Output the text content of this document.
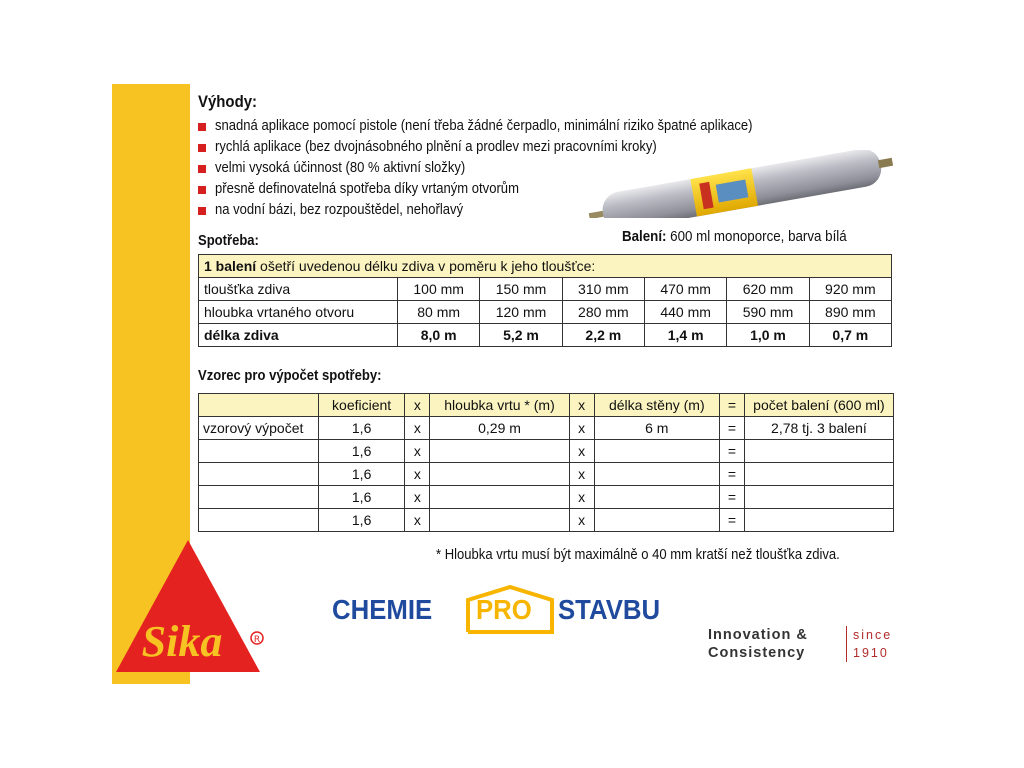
Sika	R
Výhody:
snadná aplikace pomocí pistole (není třeba žádné čerpadlo, minimální riziko špatné aplikace)
rychlá aplikace (bez dvojnásobného plnění a prodlev mezi pracovními kroky)
velmi vysoká účinnost (80 % aktivní složky)
přesně definovatelná spotřeba díky vrtaným otvorům
na vodní bázi, bez rozpouštědel, nehořlavý
Balení: 600 ml monoporce, barva bílá
Spotřeba:
1 balení ošetří uvedenou délku zdiva v poměru k jeho tloušťce:						
tloušťka zdiva	100 mm	150 mm	310 mm	470 mm	620 mm	920 mm
hloubka vrtaného otvoru	80 mm	120 mm	280 mm	440 mm	590 mm	890 mm
délka zdiva	8,0 m	5,2 m	2,2 m	1,4 m	1,0 m	0,7 m
Vzorec pro výpočet spotřeby:
	koeficient	x	hloubka vrtu * (m)	x	délka stěny (m)	=	počet balení (600 ml)
vzorový výpočet	1,6	x	0,29 m	x	6 m	=	2,78 tj. 3 balení
	1,6	x		x		=	
	1,6	x		x		=	
	1,6	x		x		=	
	1,6	x		x		=	
* Hloubka vrtu musí být maximálně o 40 mm kratší než tloušťka zdiva.
CHEMIE PRO STAVBU
Innovation &
Consistency
since
1910
